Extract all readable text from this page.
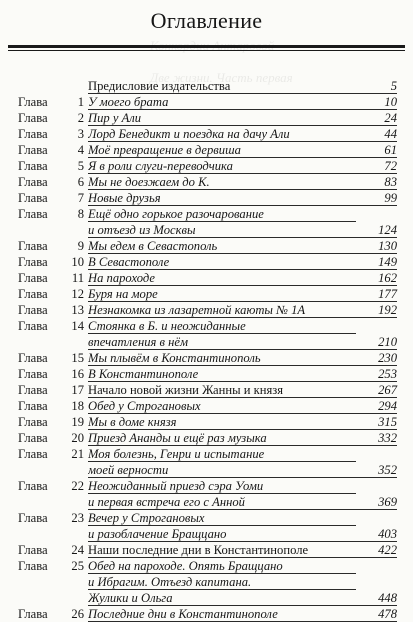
Две жизни. Часть первая
Оглавление
Предисловие издательства	5
Глава	1 У моего брата	10
Глава	2 Пир у Али	24
Глава	3 Лорд Бенедикт и поездка на дачу Али	44
Глава	4 Моё превращение в дервиша	61
Глава	5 Я в роли слуги-переводчика	72
Глава	6 Мы не доезжаем до К.	83
Глава	7 Новые друзья	99
Глава	8 Ещё одно горькое разочарование
и отъезд из Москвы	124
Глава	9 Мы едем в Севастополь	130
Глава	10 В Севастополе	149
Глава	11 На пароходе	162
Глава	12 Буря на море	177
Глава	13 Незнакомка из лазаретной каюты № 1А	192
Глава	14 Стоянка в Б. и неожиданные
впечатления в нём	210
Глава	15 Мы плывём в Константинополь	230
Глава	16 В Константинополе	253
Глава	17 Начало новой жизни Жанны и князя	267
Глава	18 Обед у Строгановых	294
Глава	19 Мы в доме князя	315
Глава	20 Приезд Ананды и ещё раз музыка	332
Глава	21 Моя болезнь, Генри и испытание
моей верности	352
Глава	22 Неожиданный приезд сэра Уоми
и первая встреча его с Анной	369
Глава	23 Вечер у Строгановых
и разоблачение Бращцано	403
Глава	24 Наши последние дни в Константинополе	422
Глава	25 Обед на пароходе. Опять Бращцано
и Ибрагим. Отъезд капитана.
Жулики и Ольга	448
Глава	26 Последние дни в Константинополе	478
